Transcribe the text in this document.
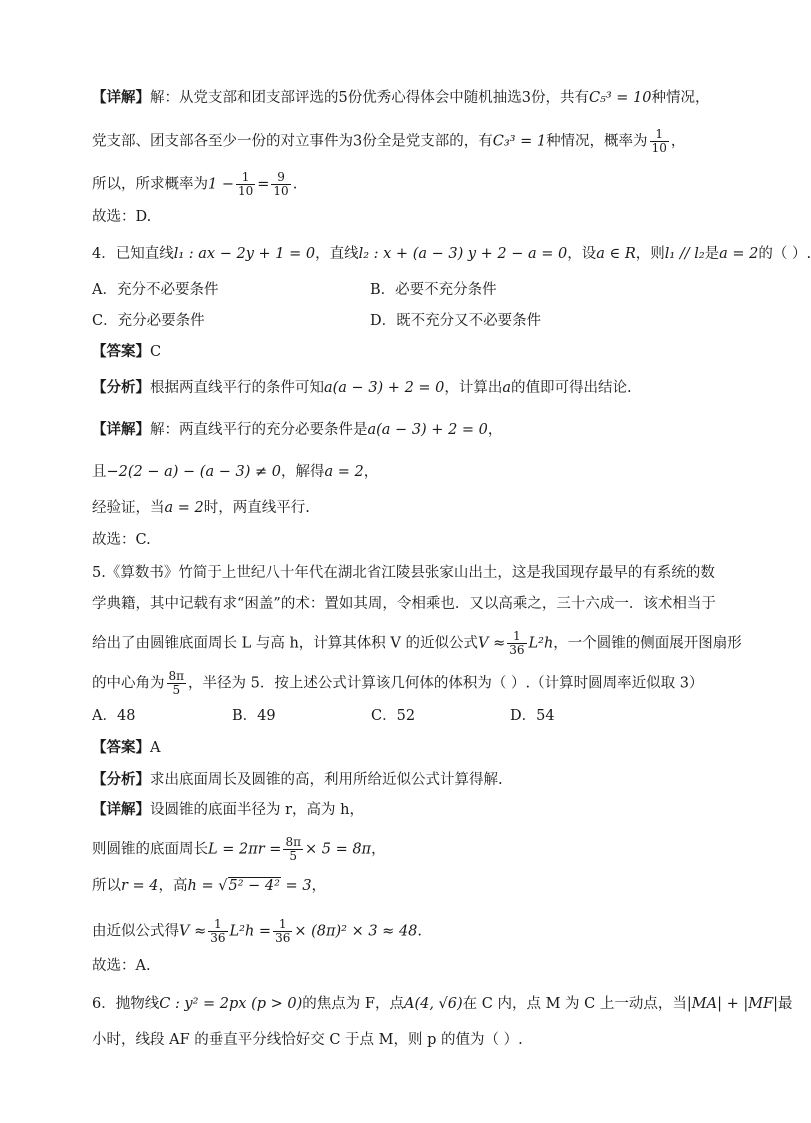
【详解】解：从党支部和团支部评选的5份优秀心得体会中随机抽选3份，共有C₅³ = 10种情况，
党支部、团支部各至少一份的对立事件为3份全是党支部的，有C₃³ = 1种情况，概率为 $\frac{1}{10}$ ，
所以，所求概率为$1 - \frac{1}{10} = \frac{9}{10}$ .
故选：D.
4．已知直线l₁ : ax − 2y + 1 = 0，直线l₂ : x + (a − 3) y + 2 − a = 0，设a ∈ R，则l₁ // l₂是a = 2的（ ）.
A．充分不必要条件	B．必要不充分条件
C．充分必要条件	D．既不充分又不必要条件
【答案】C
【分析】根据两直线平行的条件可知a(a − 3) + 2 = 0，计算出a的值即可得出结论.
【详解】解：两直线平行的充分必要条件是a(a − 3) + 2 = 0，
且−2(2 − a) − (a − 3) ≠ 0，解得a = 2，
经验证，当a = 2时，两直线平行.
故选：C.
5.《算数书》竹简于上世纪八十年代在湖北省江陵县张家山出土，这是我国现存最早的有系统的数
学典籍，其中记载有求“困盖”的术：置如其周，令相乘也．又以高乘之，三十六成一．该术相当于
给出了由圆锥底面周长 L 与高 h，计算其体积 V 的近似公式$V \approx \frac{1}{36} L^2h$，一个圆锥的侧面展开图扇形
的中心角为 $\frac{8\pi}{5}$ ，半径为 5．按上述公式计算该几何体的体积为（ ）.（计算时圆周率近似取 3）
A．48	B．49	C．52	D．54
【答案】A
【分析】求出底面周长及圆锥的高，利用所给近似公式计算得解.
【详解】设圆锥的底面半径为 r，高为 h，
则圆锥的底面周长$L = 2\pi r = \frac{8\pi}{5} \times 5 = 8\pi$，
所以r = 4，高h = √5² − 4² = 3，
由近似公式得$V \approx \frac{1}{36} L^2h = \frac{1}{36} \times (8\pi)^2 \times 3 \approx 48$.
故选：A.
6．抛物线C : y² = 2px (p > 0)的焦点为 F，点A(4, √6)在 C 内，点 M 为 C 上一动点，当|MA| + |MF|最
小时，线段 AF 的垂直平分线恰好交 C 于点 M，则 p 的值为（ ）.
